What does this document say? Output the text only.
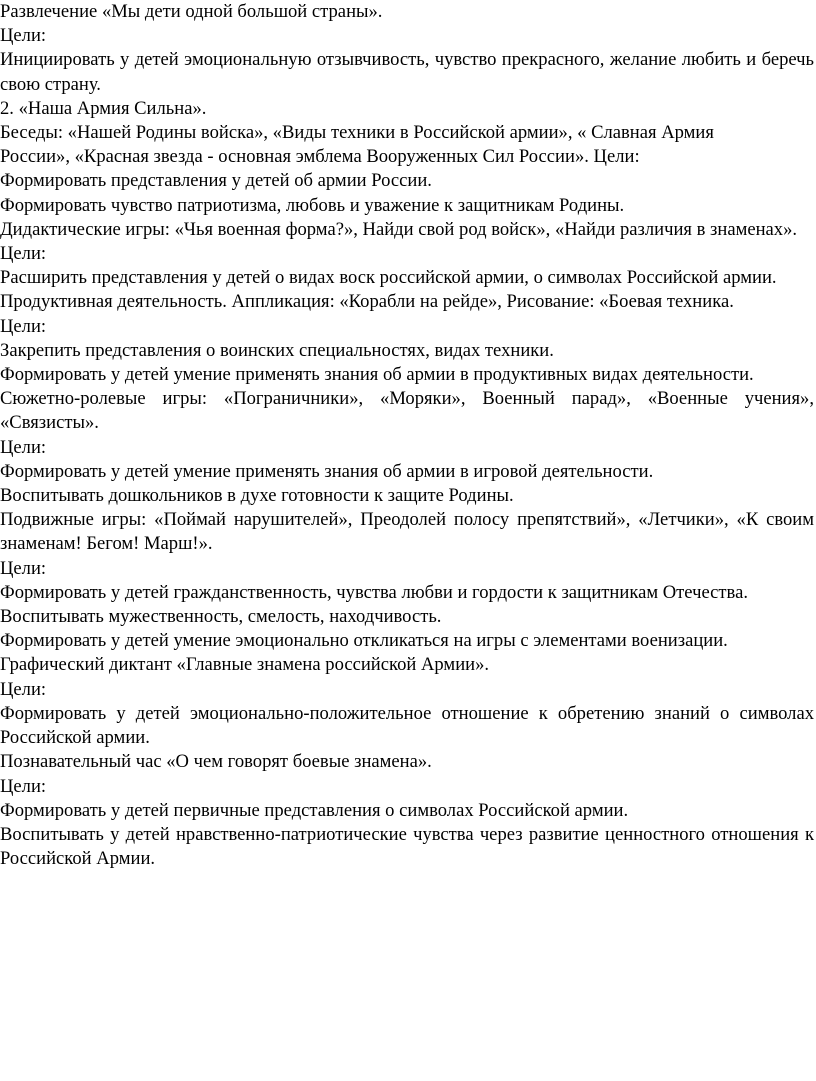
Развлечение «Мы дети одной большой страны».

Цели:

Инициировать у детей эмоциональную отзывчивость, чувство прекрасного, желание любить и беречь свою страну.

2. «Наша Армия Сильна».

Беседы: «Нашей Родины войска», «Виды техники в Российской армии», « Славная Армия

России», «Красная звезда - основная эмблема Вооруженных Сил России». Цели:

Формировать представления у детей об армии России.

Формировать чувство патриотизма, любовь и уважение к защитникам Родины.

Дидактические игры: «Чья военная форма?», Найди свой род войск», «Найди различия в знаменах».

Цели:

Расширить представления у детей о видах воск российской армии, о символах Российской армии.

Продуктивная деятельность. Аппликация: «Корабли на рейде», Рисование: «Боевая техника.

Цели:

Закрепить представления о воинских специальностях, видах техники.

Формировать у детей умение применять знания об армии в продуктивных видах деятельности.

Сюжетно-ролевые игры: «Пограничники», «Моряки», Военный парад», «Военные учения», «Связисты».

Цели:

Формировать у детей умение применять знания об армии в игровой деятельности.

Воспитывать дошкольников в духе готовности к защите Родины.

Подвижные игры: «Поймай нарушителей», Преодолей полосу препятствий», «Летчики», «К своим знаменам! Бегом! Марш!».

Цели:

Формировать у детей гражданственность, чувства любви и гордости к защитникам Отечества.

Воспитывать мужественность, смелость, находчивость.

Формировать у детей умение эмоционально откликаться на игры с элементами военизации.

Графический диктант «Главные знамена российской Армии».

Цели:

Формировать у детей эмоционально-положительное отношение к обретению знаний о символах Российской армии.

Познавательный час «О чем говорят боевые знамена».

Цели:

Формировать у детей первичные представления о символах Российской армии.

Воспитывать у детей нравственно-патриотические чувства через развитие ценностного отношения к Российской Армии.
